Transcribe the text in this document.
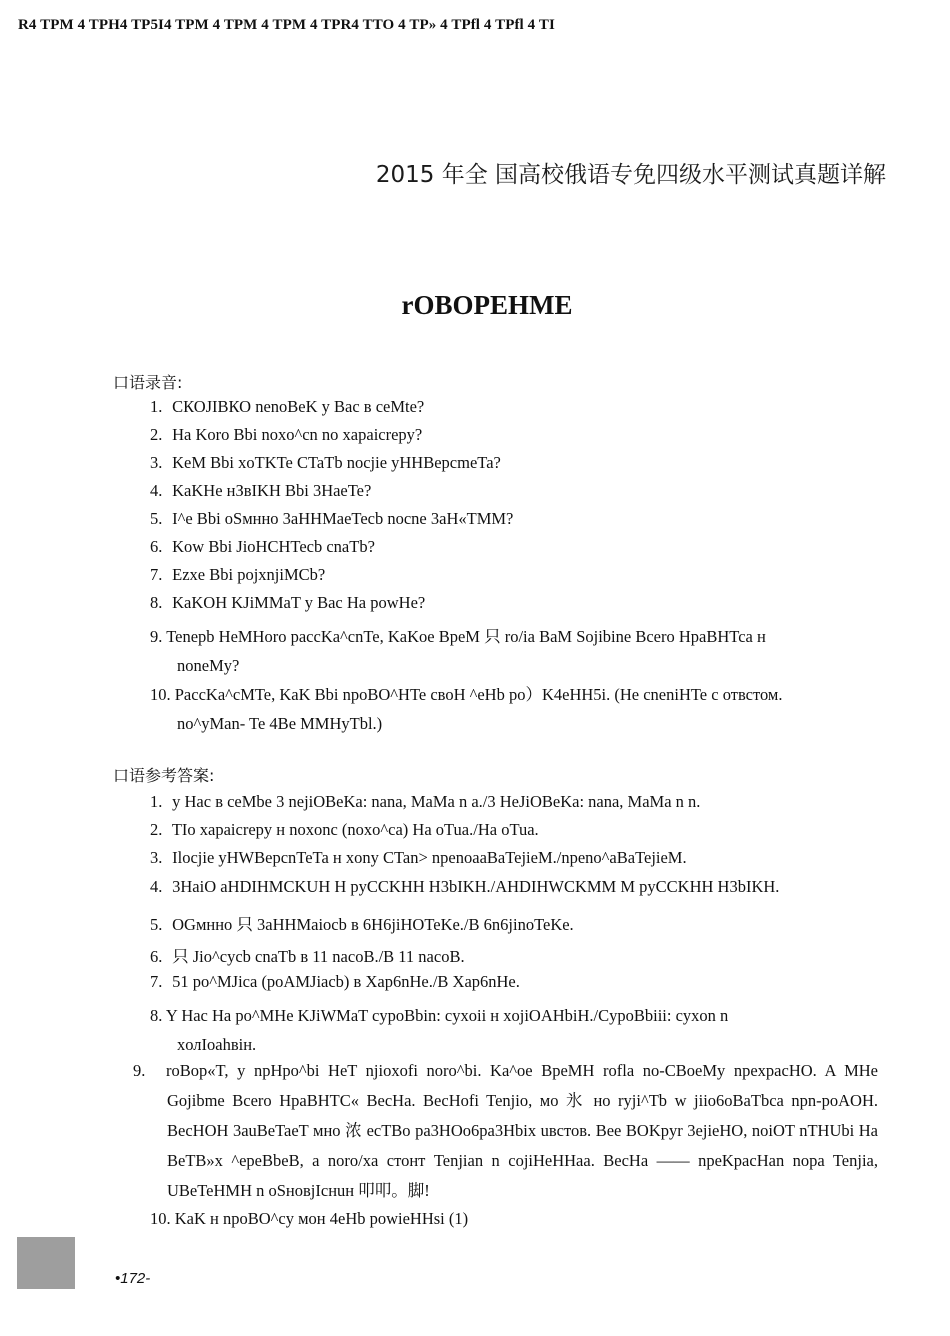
R4 TPM 4 TPH4 TP5I4 TPM 4 TPM 4 TPM 4 TPR4 TTO 4 TP» 4 TPfl 4 TPfl 4 TI
2015 年全 国高校俄语专免四级水平测试真题详解
rOBOPEHME
口语录音:
1. CКОJIВКО nenoBeK y Bac в ceMte?
2. Ha Koro Bbi noxo^cn no xapaicrepy?
3. KeM Bbi xoTKTe CTaTb nocjie yHHBepcmeTa?
4. KaKHe нЗвIKH Bbi 3HaeTe?
5. I^e Bbi оSмнно 3aHHMaeTecb nocne 3aH«TMM?
6. Kow Bbi JioHCHTecb cnaTb?
7. Ezxe Bbi pojxnjiMCb?
8. KaKOH KJiMMaT y Bac Ha powHe?
9. Tenepb HeMHoro paccKa^cnTe, KaKoe BpeM 只 ro/ia BaM Sojibine Bcero HpaBHTca н
noneMy?
10. PaccKa^cMTe, KaK Bbi npoBO^HTe своH ^eHb po）K4eHH5i. (He cneniHTe c отвстом.
no^yMan- Te 4Be MMHyTbl.)
口语参考答案:
1. y Hac в ceMbe 3 nejiOBeKa: nana, MaMa n a./3 HeJiOBeKa: nana, MaMa n n.
2. TIo xapaicrepy н noxonc (noxo^ca) Ha oTua./Ha oTua.
3. Ilocjie yHWBepcnTeTa н xony CTan> npenoaaBaTejieM./npeno^aBaTejieM.
4. 3HaiO aHDIHMCKUH H pyCCKHH H3bIKH./AHDIHWCKMM M pyCCKHH H3bIKH.
5. OGмнно 只 3aHHMaiocb в 6H6jiHOTeKe./B 6n6jinoTeKe.
6. 只 Jio^cycb cnaTb в 11 nacoB./B 11 nacoB.
7. 51 po^MJica (poAMJiacb) в Xap6nHe./B Xap6nHe.
8. Y Hac Ha po^MHe KJiWMaT cypoBbin: cyxoii н xojiOAHbiH./CypoBbiii: cyxon n
xолIoahвiн.
9. roBop«T, y npHpo^bi HeT njioxofi noro^bi. Ka^oe BpeMH rofla no-CBoeMy npexpacHO. A MHe Gojibme Bcero HpaBHTC« BecHa. BecHofi Tenjio, мо 氷 но ryji^Tb w jiio6oBaTbca npn-poAOH. BecHOH 3auBeTaeT мно 浓 ecTBo pa3HOo6pa3Hbix uвcтов. Bee BOKpyr 3ejieHO, noiOT nTHUbi Ha BeTB»x ^epeBbeB, a noro/xa стонт Tenjian n cojiHeHHaa. BecHa —— npeKpacHan nopa Tenjia, UBeTeHMH n oSнoвjIcнuн 叩叩。脚!
10. KaK н npoBO^cy мон 4eHb powieHHsi (1)
•172-
